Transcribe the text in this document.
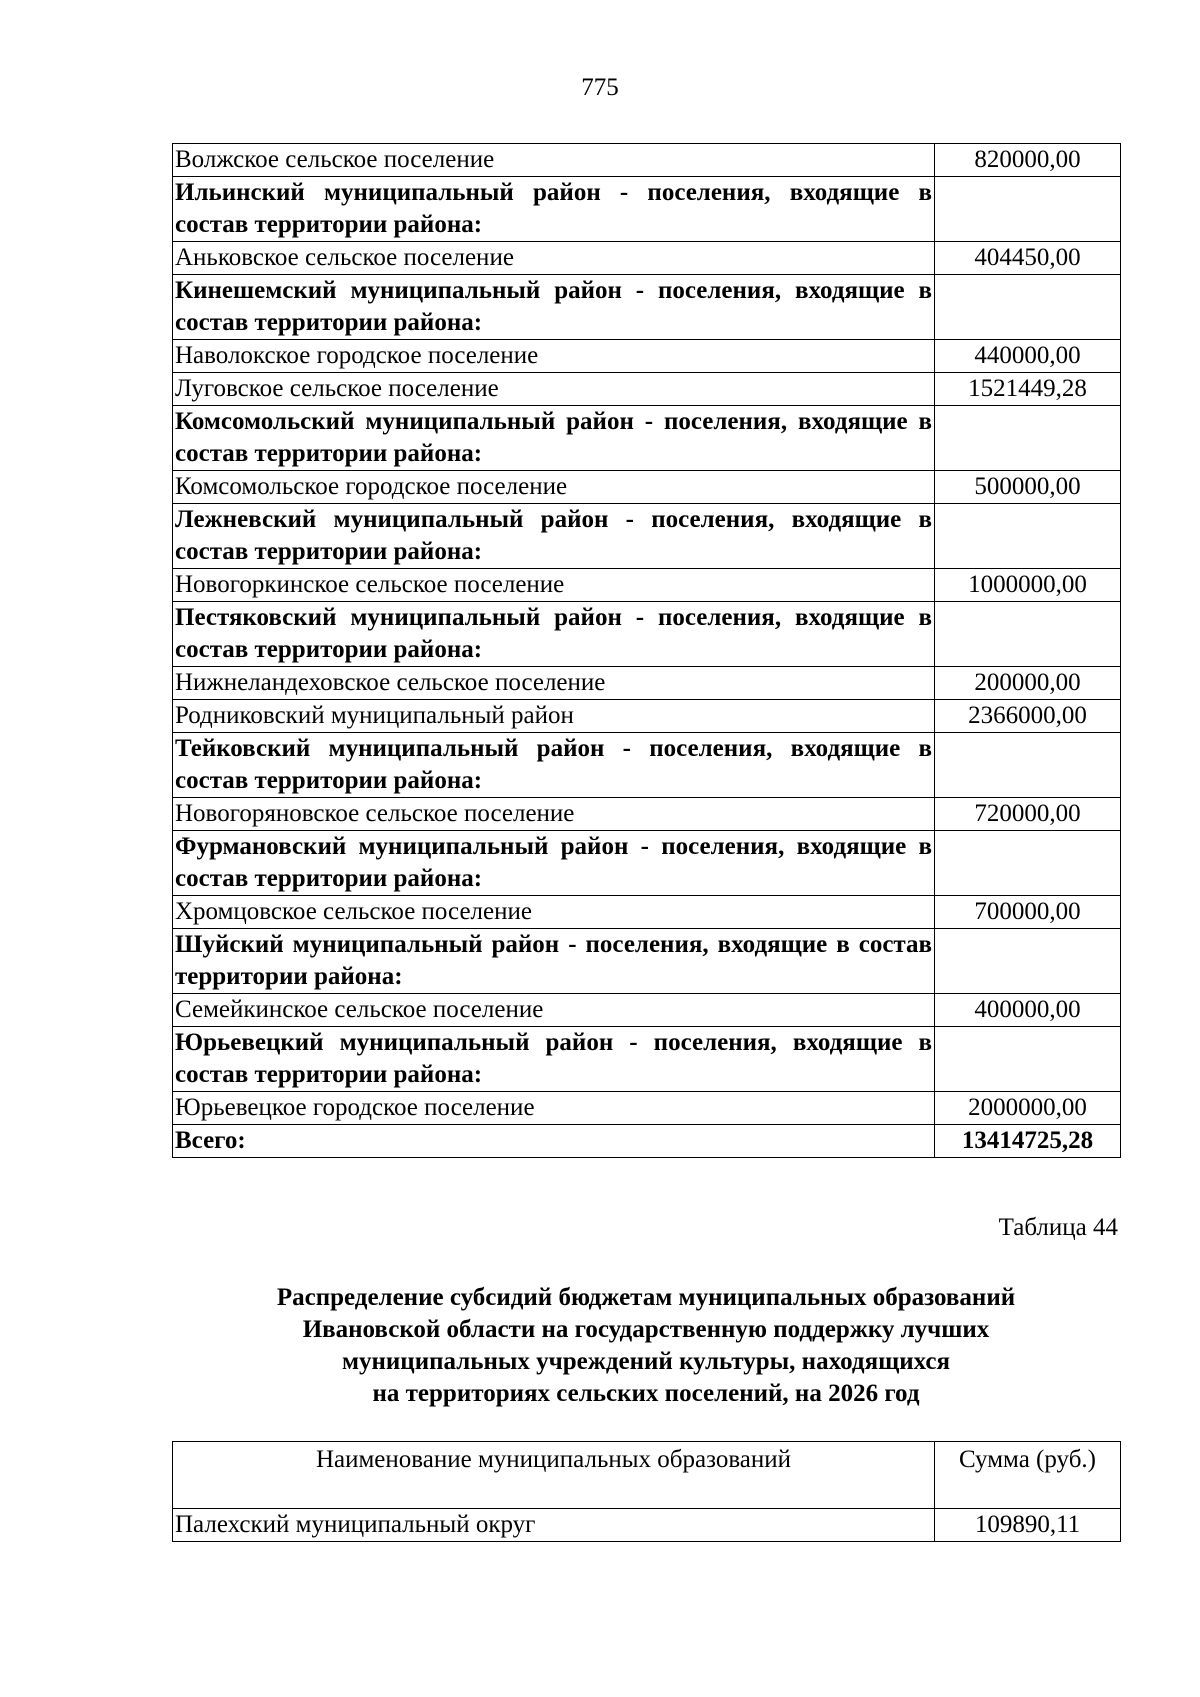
775
Волжское сельское поселение	820000,00
Ильинский муниципальный район - поселения, входящие в состав территории района:	
Аньковское сельское поселение	404450,00
Кинешемский муниципальный район - поселения, входящие в состав территории района:	
Наволокское городское поселение	440000,00
Луговское сельское поселение	1521449,28
Комсомольский муниципальный район - поселения, входящие в состав территории района:	
Комсомольское городское поселение	500000,00
Лежневский муниципальный район - поселения, входящие в состав территории района:	
Новогоркинское сельское поселение	1000000,00
Пестяковский муниципальный район - поселения, входящие в состав территории района:	
Нижнеландеховское сельское поселение	200000,00
Родниковский муниципальный район	2366000,00
Тейковский муниципальный район - поселения, входящие в состав территории района:	
Новогоряновское сельское поселение	720000,00
Фурмановский муниципальный район - поселения, входящие в состав территории района:	
Хромцовское сельское поселение	700000,00
Шуйский муниципальный район - поселения, входящие в состав территории района:	
Семейкинское сельское поселение	400000,00
Юрьевецкий муниципальный район - поселения, входящие в состав территории района:	
Юрьевецкое городское поселение	2000000,00
Всего:	13414725,28
Таблица 44
Распределение субсидий бюджетам муниципальных образований
Ивановской области на государственную поддержку лучших
муниципальных учреждений культуры, находящихся
на территориях сельских поселений, на 2026 год
Наименование муниципальных образований	Сумма (руб.)
Палехский муниципальный округ	109890,11
